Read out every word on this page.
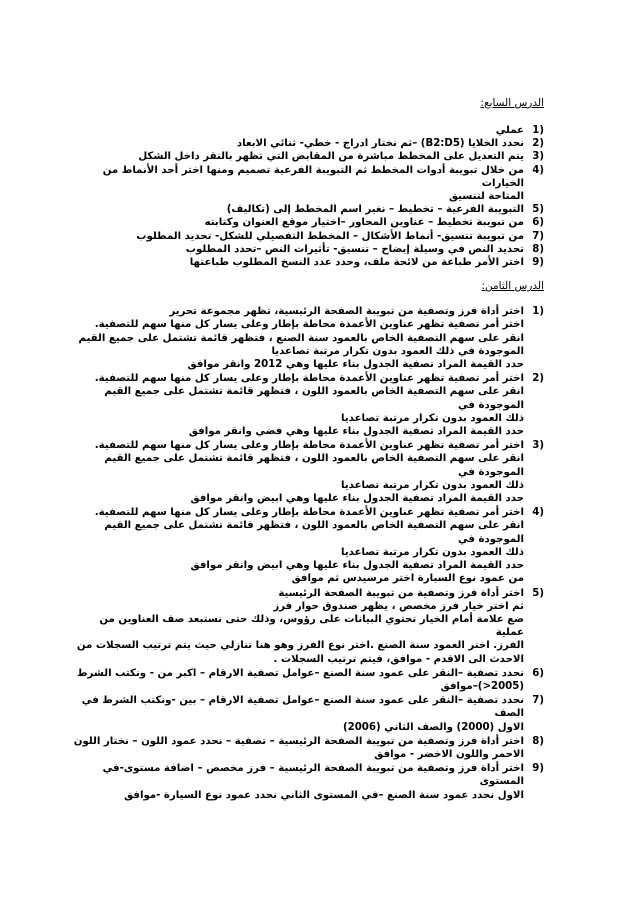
الدرس السابع:
1)
عملي
2)
نحدد الخلايا (B2:D5) –ثم نختار ادراج - خطي- ثنائي الابعاد
3)
يتم التعديل على المخطط مباشرة من المقابض التي تظهر بالنقر داخل الشكل
4)
من خلال تبويبة أدوات المخطط ثم التبويبة الفرعية تصميم ومنها اختر أحد الأنماط من الخيارات
المتاحة لتنسيق
5)
التبويبة الفرعية – تخطيط – نغير اسم المخطط إلى (تكاليف)
6)
من تبويبة تخطيط – عناوين المحاور –اختيار موقع العنوان وكتابته
7)
من تبويبة تنسيق- أنماط الأشكال – المخطط التفصيلي للشكل- تحديد المطلوب
8)
تحديد النص في وسيلة إيضاح – تنسيق- تأثيرات النص –تحدد المطلوب
9)
اختر الأمر طباعة من لائحة ملف، وحدد عدد النسخ المطلوب طباعتها
الدرس الثامن:
1)
اختر أداة فرز وتصفية من تبويبة الصفحة الرئيسية، تظهر مجموعة تحرير
اختر أمر تصفية تظهر عناوين الأعمدة محاطة بإطار وعلى يسار كل منها سهم للتصفية.
انقر على سهم التصفية الخاص بالعمود سنة الصنع ، فتظهر قائمة تشتمل على جميع القيم
الموجودة في ذلك العمود بدون تكرار مرتبة تصاعديا
حدد القيمة المراد تصفية الجدول بناء عليها وهي 2012 وانقر موافق
2)
اختر أمر تصفية تظهر عناوين الأعمدة محاطة بإطار وعلى يسار كل منها سهم للتصفية.
انقر على سهم التصفية الخاص بالعمود اللون ، فتظهر قائمة تشتمل على جميع القيم الموجودة في
ذلك العمود بدون تكرار مرتبة تصاعديا
حدد القيمة المراد تصفية الجدول بناء عليها وهي فضي وانقر موافق
3)
اختر أمر تصفية تظهر عناوين الأعمدة محاطة بإطار وعلى يسار كل منها سهم للتصفية.
انقر على سهم التصفية الخاص بالعمود اللون ، فتظهر قائمة تشتمل على جميع القيم الموجودة في
ذلك العمود بدون تكرار مرتبة تصاعديا
حدد القيمة المراد تصفية الجدول بناء عليها وهي ابيض وانقر موافق
4)
اختر أمر تصفية تظهر عناوين الأعمدة محاطة بإطار وعلى يسار كل منها سهم للتصفية.
انقر على سهم التصفية الخاص بالعمود اللون ، فتظهر قائمة تشتمل على جميع القيم الموجودة في
ذلك العمود بدون تكرار مرتبة تصاعديا
حدد القيمة المراد تصفية الجدول بناء عليها وهي ابيض وانقر موافق
من عمود نوع السيارة اختر مرسيدس ثم موافق
5)
اختر أداة فرز وتصفية من تبويبة الصفحة الرئيسية
ثم اختر خيار فرز مخصص ، يظهر صندوق حوار فرز
ضع علامة أمام الخيار تحتوي البيانات على رؤوس، وذلك حتى نستبعد صف العناوين من عملية
الفرز. اختر العمود سنة الصنع .اختر نوع الفرز وهو هنا تنازلي حيث يتم ترتيب السجلات من
الاحدث الى الاقدم - موافق، فيتم ترتيب السجلات .
6)
نحدد تصفية –النقر على عمود سنة الصنع –عوامل تصفية الارقام – اكبر من - ونكتب الشرط
(2005<)–موافق
7)
نحدد تصفية –النقر على عمود سنة الصنع –عوامل تصفية الارقام – بين -ونكتب الشرط في الصف
الاول (2000) والصف الثاني (2006)
8)
اختر أداة فرز وتصفية من تبويبة الصفحة الرئيسية – تصفية – نحدد عمود اللون – نختار اللون
الاحمر واللون الاخضر - موافق
9)
اختر أداة فرز وتصفية من تبويبة الصفحة الرئيسية – فرز مخصص – اضافة مستوى-في المستوى
الاول نحدد عمود سنة الصنع –في المستوى الثاني نحدد عمود نوع السيارة -موافق
